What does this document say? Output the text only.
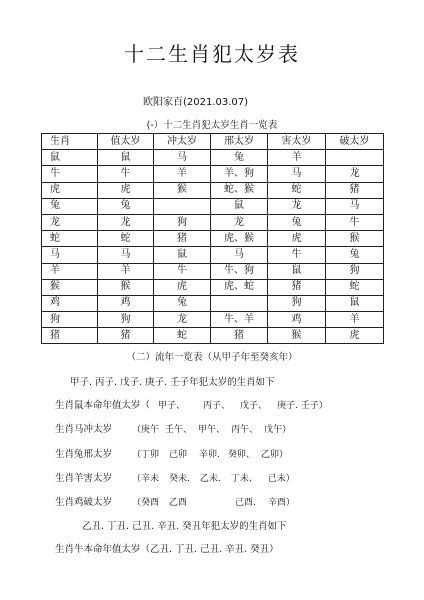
十二生肖犯太岁表
欧阳家百(2021.03.07)
(-）十二生肖犯太岁生肖一览表
生肖	值太岁	冲太岁	邢太岁	害太岁	破太岁
鼠	鼠	马	兔	羊	
牛	牛	羊	羊、狗	马	龙
虎	虎	猴	蛇、猴	蛇	猪
兔	兔		鼠	龙	马
龙	龙	狗	龙	兔	牛
蛇	蛇	猪	虎、猴	虎	猴
马	马	鼠	马	牛	兔
羊	羊	牛	牛、狗	鼠	狗
猴	猴	虎	虎、蛇	猪	蛇
鸡	鸡	兔		狗	鼠
狗	狗	龙	牛、羊	鸡	羊
猪	猪	蛇	猪	猴	虎
（二）流年一览表（从甲子年至癸亥年）
甲子. 丙子. 戊子. 庚子. 壬子年犯太岁的生肖如下
生肖鼠本命年值太岁（ 甲子、 丙子、 戊子、 庚子. 壬子）
生肖马冲太岁 （庚午 壬午、 甲午、 丙午、 戊午）
生肖兔邢太岁 （丁卯 己卯 辛卯. 癸卯、 乙卯）
生肖羊害太岁 （辛未 癸未. 乙未. 丁未、 己未）
生肖鸡破太岁 （癸酉 乙酉	己酉. 辛酉）
乙丑. 丁丑. 己丑. 辛丑. 癸丑年犯太岁的生肖如下
生肖牛本命年值太岁（乙丑. 丁丑. 己丑. 辛丑. 癸丑）
